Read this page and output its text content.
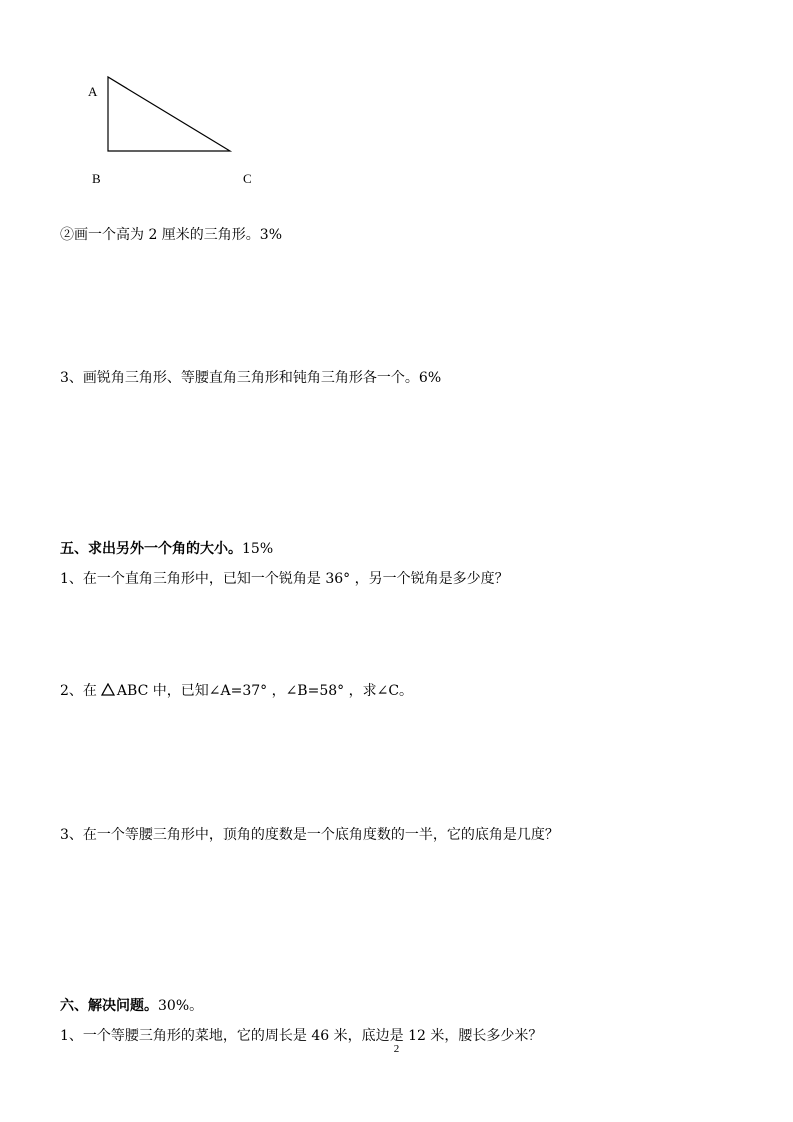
A
B	C
②画一个高为 2 厘米的三角形。3%
3、画锐角三角形、等腰直角三角形和钝角三角形各一个。6%
五、求出另外一个角的大小。15%
1、在一个直角三角形中，已知一个锐角是 36° ，另一个锐角是多少度？
2、在 ABC 中，已知∠A=37° ，∠B=58° ，求∠C。
3、在一个等腰三角形中，顶角的度数是一个底角度数的一半，它的底角是几度？
六、解决问题。30%。
1、一个等腰三角形的菜地，它的周长是 46 米，底边是 12 米，腰长多少米？
2
